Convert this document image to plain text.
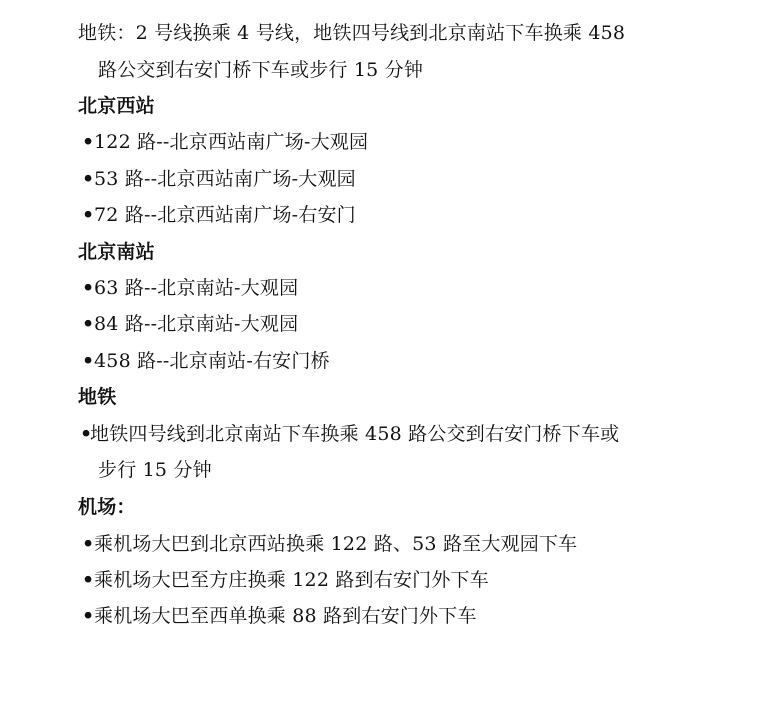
地铁：2 号线换乘 4 号线，地铁四号线到北京南站下车换乘 458
路公交到右安门桥下车或步行 15 分钟
北京西站
• 122 路--北京西站南广场-大观园
• 53 路--北京西站南广场-大观园
• 72 路--北京西站南广场-右安门
北京南站
• 63 路--北京南站-大观园
• 84 路--北京南站-大观园
• 458 路--北京南站-右安门桥
地铁
•
地铁四号线到北京南站下车换乘 458 路公交到右安门桥下车或
步行 15 分钟
机场：
• 乘机场大巴到北京西站换乘 122 路、53 路至大观园下车
• 乘机场大巴至方庄换乘 122 路到右安门外下车
• 乘机场大巴至西单换乘 88 路到右安门外下车
